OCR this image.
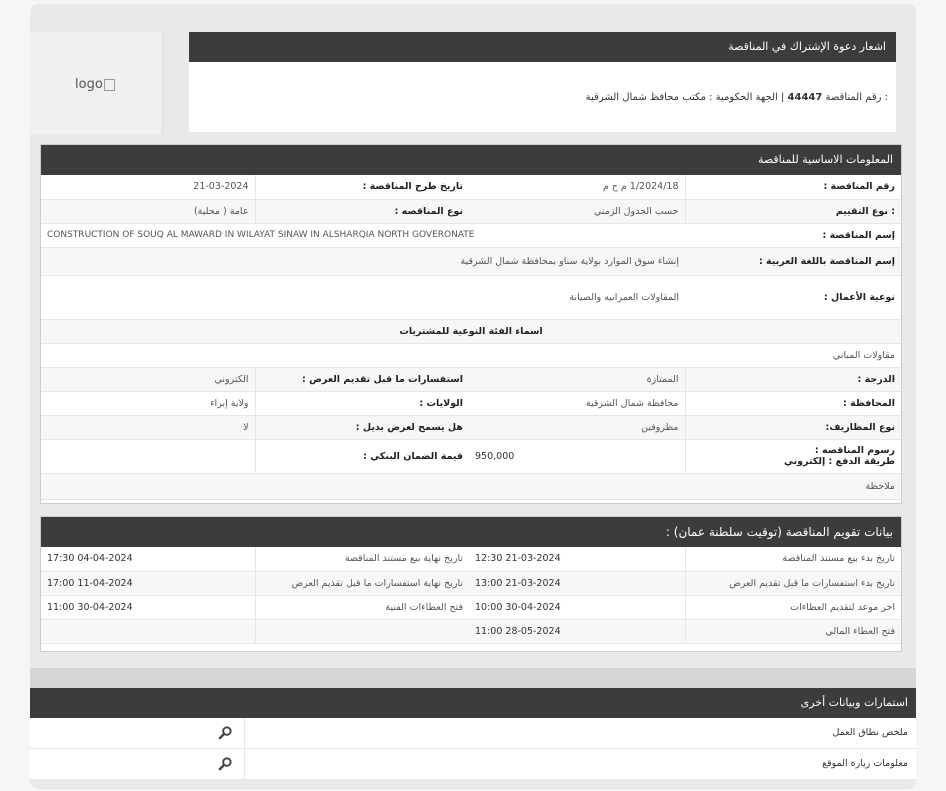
logo
اشعار دعوة الإشتراك في المناقصة
: رقم المناقصة 44447 | الجهة الحكومية : مكتب محافظ شمال الشرقية
المعلومات الاساسية للمناقصة
رقم المناقصة :	1/2024/18 م ح م	تاريخ طرح المناقصة :	21-03-2024
: نوع التقييم	حسب الجدول الزمني	نوع المناقصه :	عامة ( محلية)
إسم المناقصة :	CONSTRUCTION OF SOUQ AL MAWARD IN WILAYAT SINAW IN ALSHARQIA NORTH GOVERONATE		
إسم المناقصة باللغة العربية :	إنشاء سوق الموارد بولاية سناو بمحافظة شمال الشرقية		
نوعية الأعمال :	المقاولات العمرانيه والصيانة		
اسماء الفئة النوعية للمشتريات			
مقاولات المباني			
الدرجة :	الممتازة	استفسارات ما قبل تقديم العرض :	الكتروني
المحافظة :	محافظة شمال الشرقية	الولايات :	ولاية إبراء
نوع المظاريف:	مظروفين	هل يسمح لعرض بديل :	لا

رسوم المناقصه :
طريقة الدفع : إلكتروني	950,000	قيمة الضمان البنكي :	
ملاحظة			
بيانات تقويم المناقصة (توقيت سلطنة عمان) :
تاريخ بدء بيع مستند المناقصة	12:30 21-03-2024	تاريخ نهاية بيع مستند المناقصة	17:30 04-04-2024
تاريخ بدء استفسارات ما قبل تقديم العرض	13:00 21-03-2024	تاريخ نهاية استفسارات ما قبل تقديم العرض	17:00 11-04-2024
اخر موعد لتقديم العطاءات	10:00 30-04-2024	فتح العطاءات الفنية	11:00 30-04-2024
فتح العطاء المالي	11:00 28-05-2024		
استمارات وبيانات أخرى
ملخص نطاق العمل
معلومات زيارة الموقع
